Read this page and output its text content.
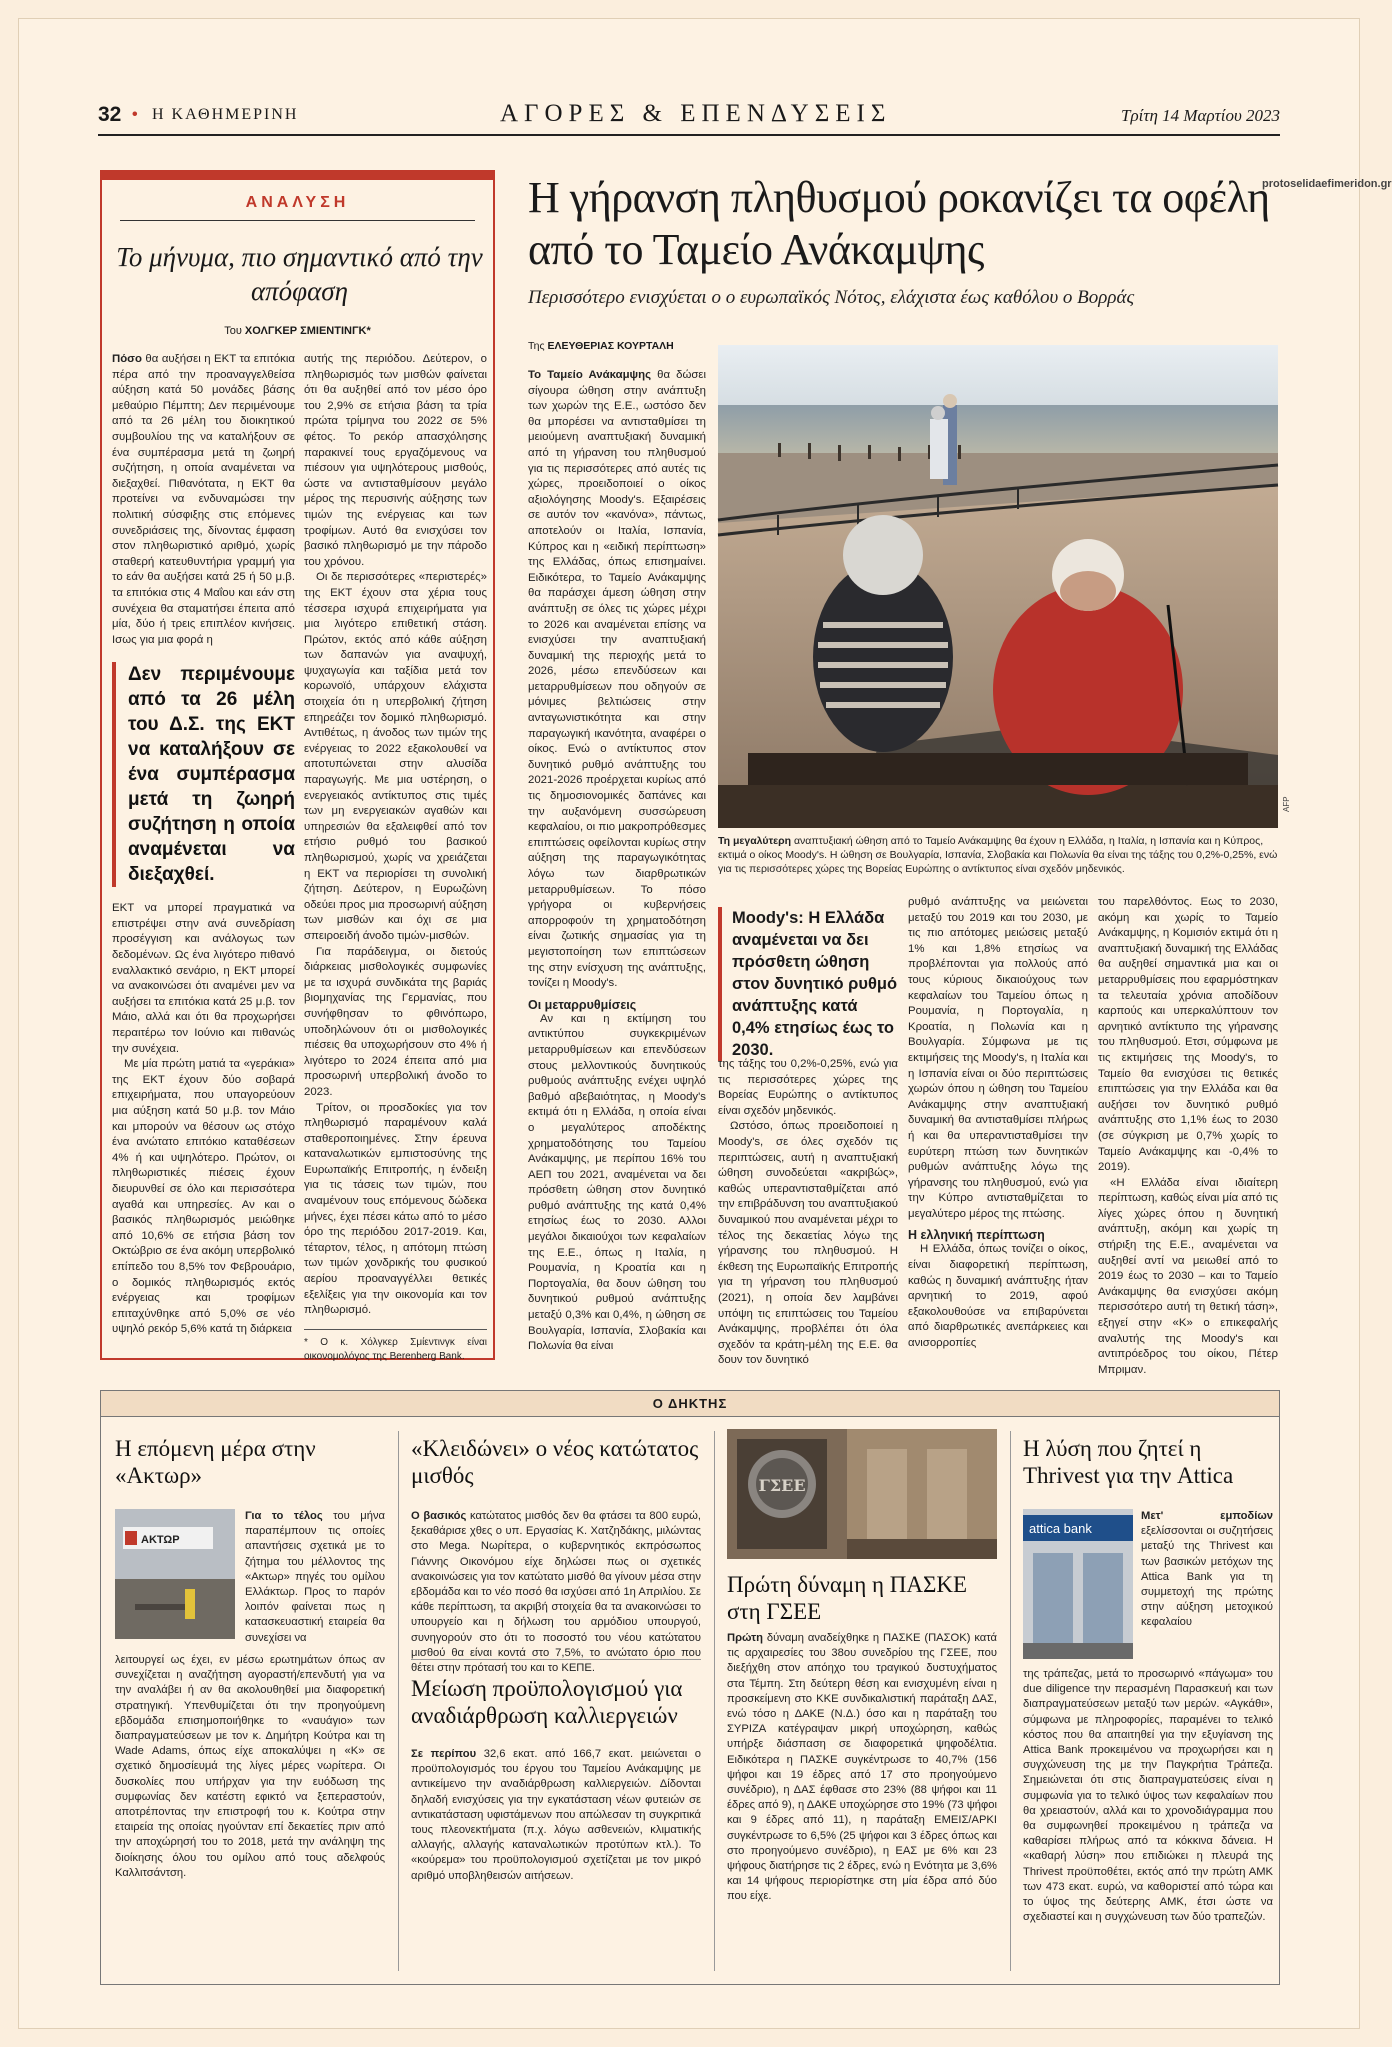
32 • Η ΚΑΘΗΜΕΡΙΝΗ	ΑΓΟΡΕΣ & ΕΠΕΝΔΥΣΕΙΣ	Τρίτη 14 Μαρτίου 2023
ΑΝΑΛΥΣΗ
Το μήνυμα, πιο σημαντικό από την απόφαση
Του ΧΟΛΓΚΕΡ ΣΜΙΕΝΤΙΝΓΚ*

Πόσο θα αυξήσει η ΕΚΤ τα επιτόκια πέρα από την προαναγγελθείσα αύξηση κατά 50 μονάδες βάσης μεθαύριο Πέμπτη; Δεν περιμένουμε από τα 26 μέλη του διοικητικού συμβουλίου της να καταλήξουν σε ένα συμπέρασμα μετά τη ζωηρή συζήτηση, η οποία αναμένεται να διεξαχθεί. Πιθανότατα, η ΕΚΤ θα προτείνει να ενδυναμώσει την πολιτική σύσφιξης στις επόμενες συνεδριάσεις της, δίνοντας έμφαση στον πληθωριστικό αριθμό, χωρίς σταθερή κατευθυντήρια γραμμή για το εάν θα αυξήσει κατά 25 ή 50 μ.β. τα επιτόκια στις 4 Μαΐου και εάν στη συνέχεια θα σταματήσει έπειτα από μία, δύο ή τρεις επιπλέον κινήσεις. Ισως για μια φορά η

Δεν περιμένουμε από τα 26 μέλη του Δ.Σ. της ΕΚΤ να καταλήξουν σε ένα συμπέρασμα μετά τη ζωηρή συζήτηση η οποία αναμένεται να διεξαχθεί.

ΕΚΤ να μπορεί πραγματικά να επιστρέψει στην ανά συνεδρίαση προσέγγιση και ανάλογως των δεδομένων. Ως ένα λιγότερο πιθανό εναλλακτικό σενάριο, η ΕΚΤ μπορεί να ανακοινώσει ότι αναμένει μεν να αυξήσει τα επιτόκια κατά 25 μ.β. τον Μάιο, αλλά και ότι θα προχωρήσει περαιτέρω τον Ιούνιο και πιθανώς την συνέχεια.

Με μία πρώτη ματιά τα «γεράκια» της ΕΚΤ έχουν δύο σοβαρά επιχειρήματα, που υπαγορεύουν μια αύξηση κατά 50 μ.β. τον Μάιο και μπορούν να θέσουν ως στόχο ένα ανώτατο επιτόκιο καταθέσεων 4% ή και υψηλότερο. Πρώτον, οι πληθωριστικές πιέσεις έχουν διευρυνθεί σε όλο και περισσότερα αγαθά και υπηρεσίες. Αν και ο βασικός πληθωρισμός μειώθηκε από 10,6% σε ετήσια βάση τον Οκτώβριο σε ένα ακόμη υπερβολικό επίπεδο του 8,5% τον Φεβρουάριο, ο δομικός πληθωρισμός εκτός ενέργειας και τροφίμων επιταχύνθηκε από 5,0% σε νέο υψηλό ρεκόρ 5,6% κατά τη διάρκεια

αυτής της περιόδου. Δεύτερον, ο πληθωρισμός των μισθών φαίνεται ότι θα αυξηθεί από τον μέσο όρο του 2,9% σε ετήσια βάση τα τρία πρώτα τρίμηνα του 2022 σε 5% φέτος. Το ρεκόρ απασχόλησης παρακινεί τους εργαζόμενους να πιέσουν για υψηλότερους μισθούς, ώστε να αντισταθμίσουν μεγάλο μέρος της περυσινής αύξησης των τιμών της ενέργειας και των τροφίμων. Αυτό θα ενισχύσει τον βασικό πληθωρισμό με την πάροδο του χρόνου.

Οι δε περισσότερες «περιστερές» της ΕΚΤ έχουν στα χέρια τους τέσσερα ισχυρά επιχειρήματα για μια λιγότερο επιθετική στάση. Πρώτον, εκτός από κάθε αύξηση των δαπανών για αναψυχή, ψυχαγωγία και ταξίδια μετά τον κορωνοϊό, υπάρχουν ελάχιστα στοιχεία ότι η υπερβολική ζήτηση επηρεάζει τον δομικό πληθωρισμό. Αντιθέτως, η άνοδος των τιμών της ενέργειας το 2022 εξακολουθεί να αποτυπώνεται στην αλυσίδα παραγωγής. Με μια υστέρηση, ο ενεργειακός αντίκτυπος στις τιμές των μη ενεργειακών αγαθών και υπηρεσιών θα εξαλειφθεί από τον ετήσιο ρυθμό του βασικού πληθωρισμού, χωρίς να χρειάζεται η ΕΚΤ να περιορίσει τη συνολική ζήτηση. Δεύτερον, η Ευρωζώνη οδεύει προς μια προσωρινή αύξηση των μισθών και όχι σε μια σπειροειδή άνοδο τιμών-μισθών.

Για παράδειγμα, οι διετούς διάρκειας μισθολογικές συμφωνίες με τα ισχυρά συνδικάτα της βαριάς βιομηχανίας της Γερμανίας, που συνήφθησαν το φθινόπωρο, υποδηλώνουν ότι οι μισθολογικές πιέσεις θα υποχωρήσουν στο 4% ή λιγότερο το 2024 έπειτα από μια προσωρινή υπερβολική άνοδο το 2023.

Τρίτον, οι προσδοκίες για τον πληθωρισμό παραμένουν καλά σταθεροποιημένες. Στην έρευνα καταναλωτικών εμπιστοσύνης της Ευρωπαϊκής Επιτροπής, η ένδειξη για τις τάσεις των τιμών, που αναμένουν τους επόμενους δώδεκα μήνες, έχει πέσει κάτω από το μέσο όρο της περιόδου 2017-2019. Και, τέταρτον, τέλος, η απότομη πτώση των τιμών χονδρικής του φυσικού αερίου προαναγγέλλει θετικές εξελίξεις για την οικονομία και τον πληθωρισμό.

* Ο κ. Χόλγκερ Σμίεντινγκ είναι οικονομολόγος της Berenberg Bank.

Η γήρανση πληθυσμού ροκανίζει τα οφέλη από το Ταμείο Ανάκαμψης
protoselidaefimeridon.gr
Περισσότερο ενισχύεται ο ο ευρωπαϊκός Νότος, ελάχιστα έως καθόλου ο Βορράς
Της ΕΛΕΥΘΕΡΙΑΣ ΚΟΥΡΤΑΛΗ

Το Ταμείο Ανάκαμψης θα δώσει σίγουρα ώθηση στην ανάπτυξη των χωρών της Ε.Ε., ωστόσο δεν θα μπορέσει να αντισταθμίσει τη μειούμενη αναπτυξιακή δυναμική από τη γήρανση του πληθυσμού για τις περισσότερες από αυτές τις χώρες, προειδοποιεί ο οίκος αξιολόγησης Moody's. Εξαιρέσεις σε αυτόν τον «κανόνα», πάντως, αποτελούν οι Ιταλία, Ισπανία, Κύπρος και η «ειδική περίπτωση» της Ελλάδας, όπως επισημαίνει. Ειδικότερα, το Ταμείο Ανάκαμψης θα παράσχει άμεση ώθηση στην ανάπτυξη σε όλες τις χώρες μέχρι το 2026 και αναμένεται επίσης να ενισχύσει την αναπτυξιακή δυναμική της περιοχής μετά το 2026, μέσω επενδύσεων και μεταρρυθμίσεων που οδηγούν σε μόνιμες βελτιώσεις στην ανταγωνιστικότητα και στην παραγωγική ικανότητα, αναφέρει ο οίκος. Ενώ ο αντίκτυπος στον δυνητικό ρυθμό ανάπτυξης του 2021-2026 προέρχεται κυρίως από τις δημοσιονομικές δαπάνες και την αυξανόμενη συσσώρευση κεφαλαίου, οι πιο μακροπρόθεσμες επιπτώσεις οφείλονται κυρίως στην αύξηση της παραγωγικότητας λόγω των διαρθρωτικών μεταρρυθμίσεων. Το πόσο γρήγορα οι κυβερνήσεις απορροφούν τη χρηματοδότηση είναι ζωτικής σημασίας για τη μεγιστοποίηση των επιπτώσεων της στην ενίσχυση της ανάπτυξης, τονίζει η Moody's.

Οι μεταρρυθμίσεις

Αν και η εκτίμηση του αντικτύπου συγκεκριμένων μεταρρυθμίσεων και επενδύσεων στους μελλοντικούς δυνητικούς ρυθμούς ανάπτυξης ενέχει υψηλό βαθμό αβεβαιότητας, η Moody's εκτιμά ότι η Ελλάδα, η οποία είναι ο μεγαλύτερος αποδέκτης χρηματοδότησης του Ταμείου Ανάκαμψης, με περίπου 16% του ΑΕΠ του 2021, αναμένεται να δει πρόσθετη ώθηση στον δυνητικό ρυθμό ανάπτυξης της κατά 0,4% ετησίως έως το 2030. Αλλοι μεγάλοι δικαιούχοι των κεφαλαίων της Ε.Ε., όπως η Ιταλία, η Ρουμανία, η Κροατία και η Πορτογαλία, θα δουν ώθηση του δυνητικού ρυθμού ανάπτυξης μεταξύ 0,3% και 0,4%, η ώθηση σε Βουλγαρία, Ισπανία, Σλοβακία και Πολωνία θα είναι

AFP
Τη μεγαλύτερη αναπτυξιακή ώθηση από το Ταμείο Ανάκαμψης θα έχουν η Ελλάδα, η Ιταλία, η Ισπανία και η Κύπρος, εκτιμά ο οίκος Moody's. Η ώθηση σε Βουλγαρία, Ισπανία, Σλοβακία και Πολωνία θα είναι της τάξης του 0,2%-0,25%, ενώ για τις περισσότερες χώρες της Βορείας Ευρώπης ο αντίκτυπος είναι σχεδόν μηδενικός.
Moody's: Η Ελλάδα αναμένεται να δει πρόσθετη ώθηση στον δυνητικό ρυθμό ανάπτυξης κατά 0,4% ετησίως έως το 2030.

της τάξης του 0,2%-0,25%, ενώ για τις περισσότερες χώρες της Βορείας Ευρώπης ο αντίκτυπος είναι σχεδόν μηδενικός.

Ωστόσο, όπως προειδοποιεί η Moody's, σε όλες σχεδόν τις περιπτώσεις, αυτή η αναπτυξιακή ώθηση συνοδεύεται «ακριβώς», καθώς υπεραντισταθμίζεται από την επιβράδυνση του αναπτυξιακού δυναμικού που αναμένεται μέχρι το τέλος της δεκαετίας λόγω της γήρανσης του πληθυσμού. Η έκθεση της Ευρωπαϊκής Επιτροπής για τη γήρανση του πληθυσμού (2021), η οποία δεν λαμβάνει υπόψη τις επιπτώσεις του Ταμείου Ανάκαμψης, προβλέπει ότι όλα σχεδόν τα κράτη-μέλη της Ε.Ε. θα δουν τον δυνητικό

ρυθμό ανάπτυξης να μειώνεται μεταξύ του 2019 και του 2030, με τις πιο απότομες μειώσεις μεταξύ 1% και 1,8% ετησίως να προβλέπονται για πολλούς από τους κύριους δικαιούχους των κεφαλαίων του Ταμείου όπως η Ρουμανία, η Πορτογαλία, η Κροατία, η Πολωνία και η Βουλγαρία. Σύμφωνα με τις εκτιμήσεις της Moody's, η Ιταλία και η Ισπανία είναι οι δύο περιπτώσεις χωρών όπου η ώθηση του Ταμείου Ανάκαμψης στην αναπτυξιακή δυναμική θα αντισταθμίσει πλήρως ή και θα υπεραντισταθμίσει την ευρύτερη πτώση των δυνητικών ρυθμών ανάπτυξης λόγω της γήρανσης του πληθυσμού, ενώ για την Κύπρο αντισταθμίζεται το μεγαλύτερο μέρος της πτώσης.

Η ελληνική περίπτωση

Η Ελλάδα, όπως τονίζει ο οίκος, είναι διαφορετική περίπτωση, καθώς η δυναμική ανάπτυξης ήταν αρνητική το 2019, αφού εξακολουθούσε να επιβαρύνεται από διαρθρωτικές ανεπάρκειες και ανισορροπίες

του παρελθόντος. Εως το 2030, ακόμη και χωρίς το Ταμείο Ανάκαμψης, η Κομισιόν εκτιμά ότι η αναπτυξιακή δυναμική της Ελλάδας θα αυξηθεί σημαντικά μια και οι μεταρρυθμίσεις που εφαρμόστηκαν τα τελευταία χρόνια αποδίδουν καρπούς και υπερκαλύπτουν τον αρνητικό αντίκτυπο της γήρανσης του πληθυσμού. Ετσι, σύμφωνα με τις εκτιμήσεις της Moody's, το Ταμείο θα ενισχύσει τις θετικές επιπτώσεις για την Ελλάδα και θα αυξήσει τον δυνητικό ρυθμό ανάπτυξης στο 1,1% έως το 2030 (σε σύγκριση με 0,7% χωρίς το Ταμείο Ανάκαμψης και -0,4% το 2019).

«Η Ελλάδα είναι ιδιαίτερη περίπτωση, καθώς είναι μία από τις λίγες χώρες όπου η δυνητική ανάπτυξη, ακόμη και χωρίς τη στήριξη της Ε.Ε., αναμένεται να αυξηθεί αντί να μειωθεί από το 2019 έως το 2030 – και το Ταμείο Ανάκαμψης θα ενισχύσει ακόμη περισσότερο αυτή τη θετική τάση», εξηγεί στην «Κ» ο επικεφαλής αναλυτής της Moody's και αντιπρόεδρος του οίκου, Πέτερ Μπριμαν.

Ο ΔΗΚΤΗΣ
Η επόμενη μέρα στην «Ακτωρ»
ΑΚΤΩΡ
Για το τέλος του μήνα παραπέμπουν τις οποίες απαντήσεις σχετικά με το ζήτημα του μέλλοντος της «Ακτωρ» πηγές του ομίλου Ελλάκτωρ. Προς το παρόν λοιπόν φαίνεται πως η κατασκευαστική εταιρεία θα συνεχίσει να
λειτουργεί ως έχει, εν μέσω ερωτημάτων όπως αν συνεχίζεται η αναζήτηση αγοραστή/επενδυτή για να την αναλάβει ή αν θα ακολουθηθεί μια διαφορετική στρατηγική. Υπενθυμίζεται ότι την προηγούμενη εβδομάδα επισημοποιήθηκε το «ναυάγιο» των διαπραγματεύσεων με τον κ. Δημήτρη Κούτρα και τη Wade Adams, όπως είχε αποκαλύψει η «Κ» σε σχετικό δημοσίευμά της λίγες μέρες νωρίτερα. Οι δυσκολίες που υπήρχαν για την ευόδωση της συμφωνίας δεν κατέστη εφικτό να ξεπεραστούν, αποτρέποντας την επιστροφή του κ. Κούτρα στην εταιρεία της οποίας ηγούνταν επί δεκαετίες πριν από την αποχώρησή του το 2018, μετά την ανάληψη της διοίκησης όλου του ομίλου από τους αδελφούς Καλλιτσάντση.
«Κλειδώνει» ο νέος κατώτατος μισθός
Ο βασικός κατώτατος μισθός δεν θα φτάσει τα 800 ευρώ, ξεκαθάρισε χθες ο υπ. Εργασίας Κ. Χατζηδάκης, μιλώντας στο Mega. Νωρίτερα, ο κυβερνητικός εκπρόσωπος Γιάννης Οικονόμου είχε δηλώσει πως οι σχετικές ανακοινώσεις για τον κατώτατο μισθό θα γίνουν μέσα στην εβδομάδα και το νέο ποσό θα ισχύσει από 1η Απριλίου. Σε κάθε περίπτωση, τα ακριβή στοιχεία θα τα ανακοινώσει το υπουργείο και η δήλωση του αρμόδιου υπουργού, συνηγορούν στο ότι το ποσοστό του νέου κατώτατου μισθού θα είναι κοντά στο 7,5%, το ανώτατο όριο που θέτει στην πρότασή του και το ΚΕΠΕ.
Μείωση προϋπολογισμού για αναδιάρθρωση καλλιεργειών
Σε περίπου 32,6 εκατ. από 166,7 εκατ. μειώνεται ο προϋπολογισμός του έργου του Ταμείου Ανάκαμψης με αντικείμενο την αναδιάρθρωση καλλιεργειών. Δίδονται δηλαδή ενισχύσεις για την εγκατάσταση νέων φυτειών σε αντικατάσταση υφιστάμενων που απώλεσαν τη συγκριτικά τους πλεονεκτήματα (π.χ. λόγω ασθενειών, κλιματικής αλλαγής, αλλαγής καταναλωτικών προτύπων κτλ.). Το «κούρεμα» του προϋπολογισμού σχετίζεται με τον μικρό αριθμό υποβληθεισών αιτήσεων.
ΓΣΕΕ
Πρώτη δύναμη η ΠΑΣΚΕ στη ΓΣΕΕ
Πρώτη δύναμη αναδείχθηκε η ΠΑΣΚΕ (ΠΑΣΟΚ) κατά τις αρχαιρεσίες του 38ου συνεδρίου της ΓΣΕΕ, που διεξήχθη στον απόηχο του τραγικού δυστυχήματος στα Τέμπη. Στη δεύτερη θέση και ενισχυμένη είναι η προσκείμενη στο ΚΚΕ συνδικαλιστική παράταξη ΔΑΣ, ενώ τόσο η ΔΑΚΕ (Ν.Δ.) όσο και η παράταξη του ΣΥΡΙΖΑ κατέγραψαν μικρή υποχώρηση, καθώς υπήρξε διάσπαση σε διαφορετικά ψηφοδέλτια. Ειδικότερα η ΠΑΣΚΕ συγκέντρωσε το 40,7% (156 ψήφοι και 19 έδρες από 17 στο προηγούμενο συνέδριο), η ΔΑΣ έφθασε στο 23% (88 ψήφοι και 11 έδρες από 9), η ΔΑΚΕ υποχώρησε στο 19% (73 ψήφοι και 9 έδρες από 11), η παράταξη ΕΜΕΙΣ/ΑΡΚΙ συγκέντρωσε το 6,5% (25 ψήφοι και 3 έδρες όπως και στο προηγούμενο συνέδριο), η ΕΑΣ με 6% και 23 ψήφους διατήρησε τις 2 έδρες, ενώ η Ενότητα με 3,6% και 14 ψήφους περιορίστηκε στη μία έδρα από δύο που είχε.
Η λύση που ζητεί η Thrivest για την Attica
attica bank
Μετ' εμποδίων εξελίσσονται οι συζητήσεις μεταξύ της Thrivest και των βασικών μετόχων της Attica Bank για τη συμμετοχή της πρώτης στην αύξηση μετοχικού κεφαλαίου
της τράπεζας, μετά το προσωρινό «πάγωμα» του due diligence την περασμένη Παρασκευή και των διαπραγματεύσεων μεταξύ των μερών. «Αγκάθι», σύμφωνα με πληροφορίες, παραμένει το τελικό κόστος που θα απαιτηθεί για την εξυγίανση της Attica Bank προκειμένου να προχωρήσει και η συγχώνευση της με την Παγκρήτια Τράπεζα. Σημειώνεται ότι στις διαπραγματεύσεις είναι η συμφωνία για το τελικό ύψος των κεφαλαίων που θα χρειαστούν, αλλά και το χρονοδιάγραμμα που θα συμφωνηθεί προκειμένου η τράπεζα να καθαρίσει πλήρως από τα κόκκινα δάνεια. Η «καθαρή λύση» που επιδιώκει η πλευρά της Thrivest προϋποθέτει, εκτός από την πρώτη ΑΜΚ των 473 εκατ. ευρώ, να καθοριστεί από τώρα και το ύψος της δεύτερης ΑΜΚ, έτσι ώστε να σχεδιαστεί και η συγχώνευση των δύο τραπεζών.
